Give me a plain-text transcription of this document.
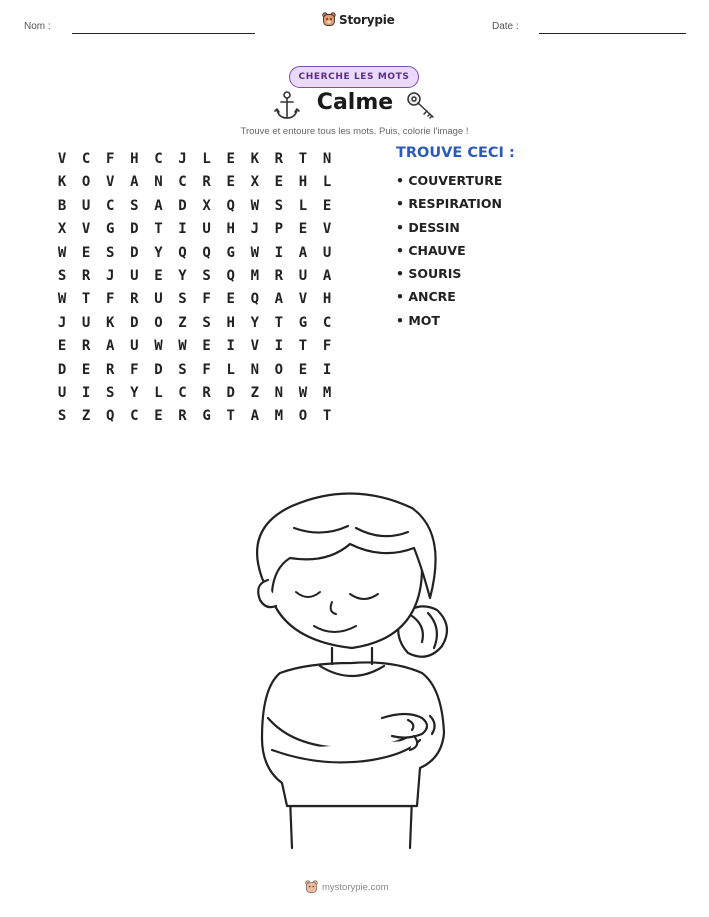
Nom :	Storypie	Date :
CHERCHE LES MOTS
Calme
Trouve et entoure tous les mots. Puis, colorie l'image !
V	C	F	H	C	J	L	E	K	R	T	N
K	O	V	A	N	C	R	E	X	E	H	L
B	U	C	S	A	D	X	Q	W	S	L	E
X	V	G	D	T	I	U	H	J	P	E	V
W	E	S	D	Y	Q	Q	G	W	I	A	U
S	R	J	U	E	Y	S	Q	M	R	U	A
W	T	F	R	U	S	F	E	Q	A	V	H
J	U	K	D	O	Z	S	H	Y	T	G	C
E	R	A	U	W	W	E	I	V	I	T	F
D	E	R	F	D	S	F	L	N	O	E	I
U	I	S	Y	L	C	R	D	Z	N	W	M
S	Z	Q	C	E	R	G	T	A	M	O	T
TROUVE CECI :
• COUVERTURE
• RESPIRATION
• DESSIN
• CHAUVE
• SOURIS
• ANCRE
• MOT
mystorypie.com
